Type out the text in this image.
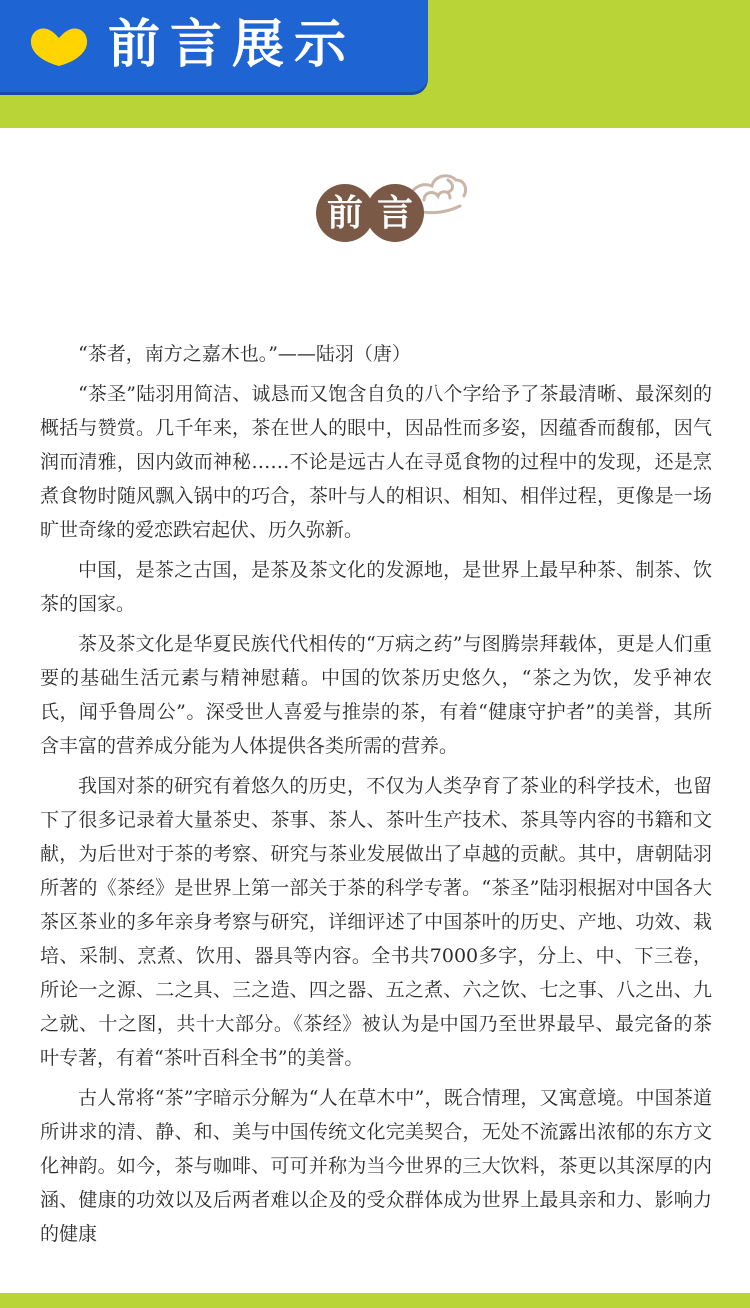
前言展示
前 言

“茶者，南方之嘉木也。”——陆羽（唐）

“茶圣”陆羽用简洁、诚恳而又饱含自负的八个字给予了茶最清晰、最深刻的概括与赞赏。几千年来，茶在世人的眼中，因品性而多姿，因蕴香而馥郁，因气润而清雅，因内敛而神秘……不论是远古人在寻觅食物的过程中的发现，还是烹煮食物时随风飘入锅中的巧合，茶叶与人的相识、相知、相伴过程，更像是一场旷世奇缘的爱恋跌宕起伏、历久弥新。

中国，是茶之古国，是茶及茶文化的发源地，是世界上最早种茶、制茶、饮茶的国家。

茶及茶文化是华夏民族代代相传的“万病之药”与图腾崇拜载体，更是人们重要的基础生活元素与精神慰藉。中国的饮茶历史悠久，“茶之为饮，发乎神农氏，闻乎鲁周公”。深受世人喜爱与推崇的茶，有着“健康守护者”的美誉，其所含丰富的营养成分能为人体提供各类所需的营养。

我国对茶的研究有着悠久的历史，不仅为人类孕育了茶业的科学技术，也留下了很多记录着大量茶史、茶事、茶人、茶叶生产技术、茶具等内容的书籍和文献，为后世对于茶的考察、研究与茶业发展做出了卓越的贡献。其中，唐朝陆羽所著的《茶经》是世界上第一部关于茶的科学专著。“茶圣”陆羽根据对中国各大茶区茶业的多年亲身考察与研究，详细评述了中国茶叶的历史、产地、功效、栽培、采制、烹煮、饮用、器具等内容。全书共7000多字，分上、中、下三卷，所论一之源、二之具、三之造、四之器、五之煮、六之饮、七之事、八之出、九之就、十之图，共十大部分。《茶经》被认为是中国乃至世界最早、最完备的茶叶专著，有着“茶叶百科全书”的美誉。

古人常将“茶”字暗示分解为“人在草木中”，既合情理，又寓意境。中国茶道所讲求的清、静、和、美与中国传统文化完美契合，无处不流露出浓郁的东方文化神韵。如今，茶与咖啡、可可并称为当今世界的三大饮料，茶更以其深厚的内涵、健康的功效以及后两者难以企及的受众群体成为世界上最具亲和力、影响力的健康
